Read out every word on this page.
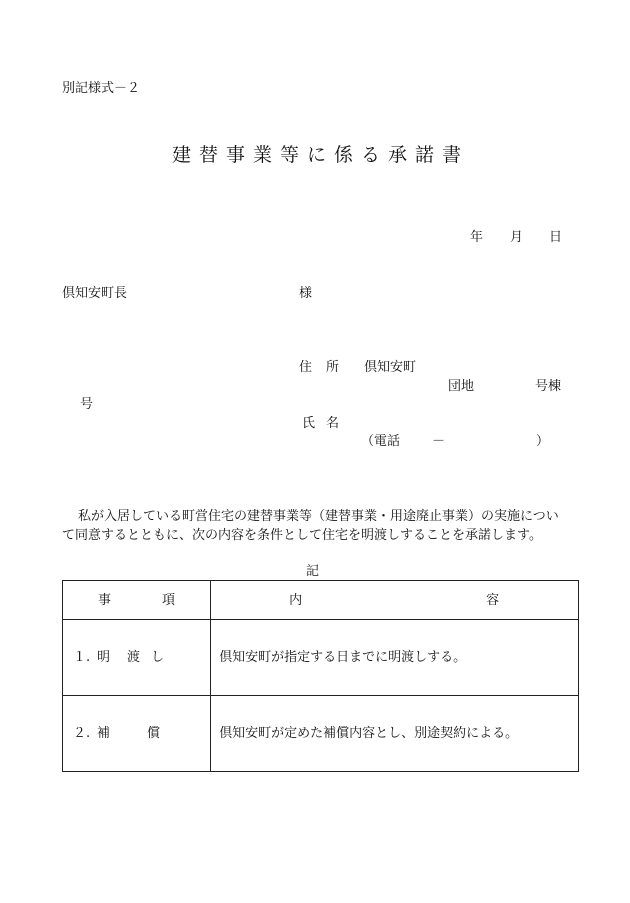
別記様式－２
建替事業等に係る承諾書
年 月 日
倶知安町長	様
住 所 倶知安町
団地	号棟
号
氏 名
（電話 －	）
私が入居している町営住宅の建替事業等（建替事業・用途廃止事業）の実施につい
て同意するとともに、次の内容を条件として住宅を明渡しすることを承諾します。
記
事 項	内 容

１. 明 渡 し	倶知安町が指定する日までに明渡しする。

２. 補 償	倶知安町が定めた補償内容とし、別途契約による。
